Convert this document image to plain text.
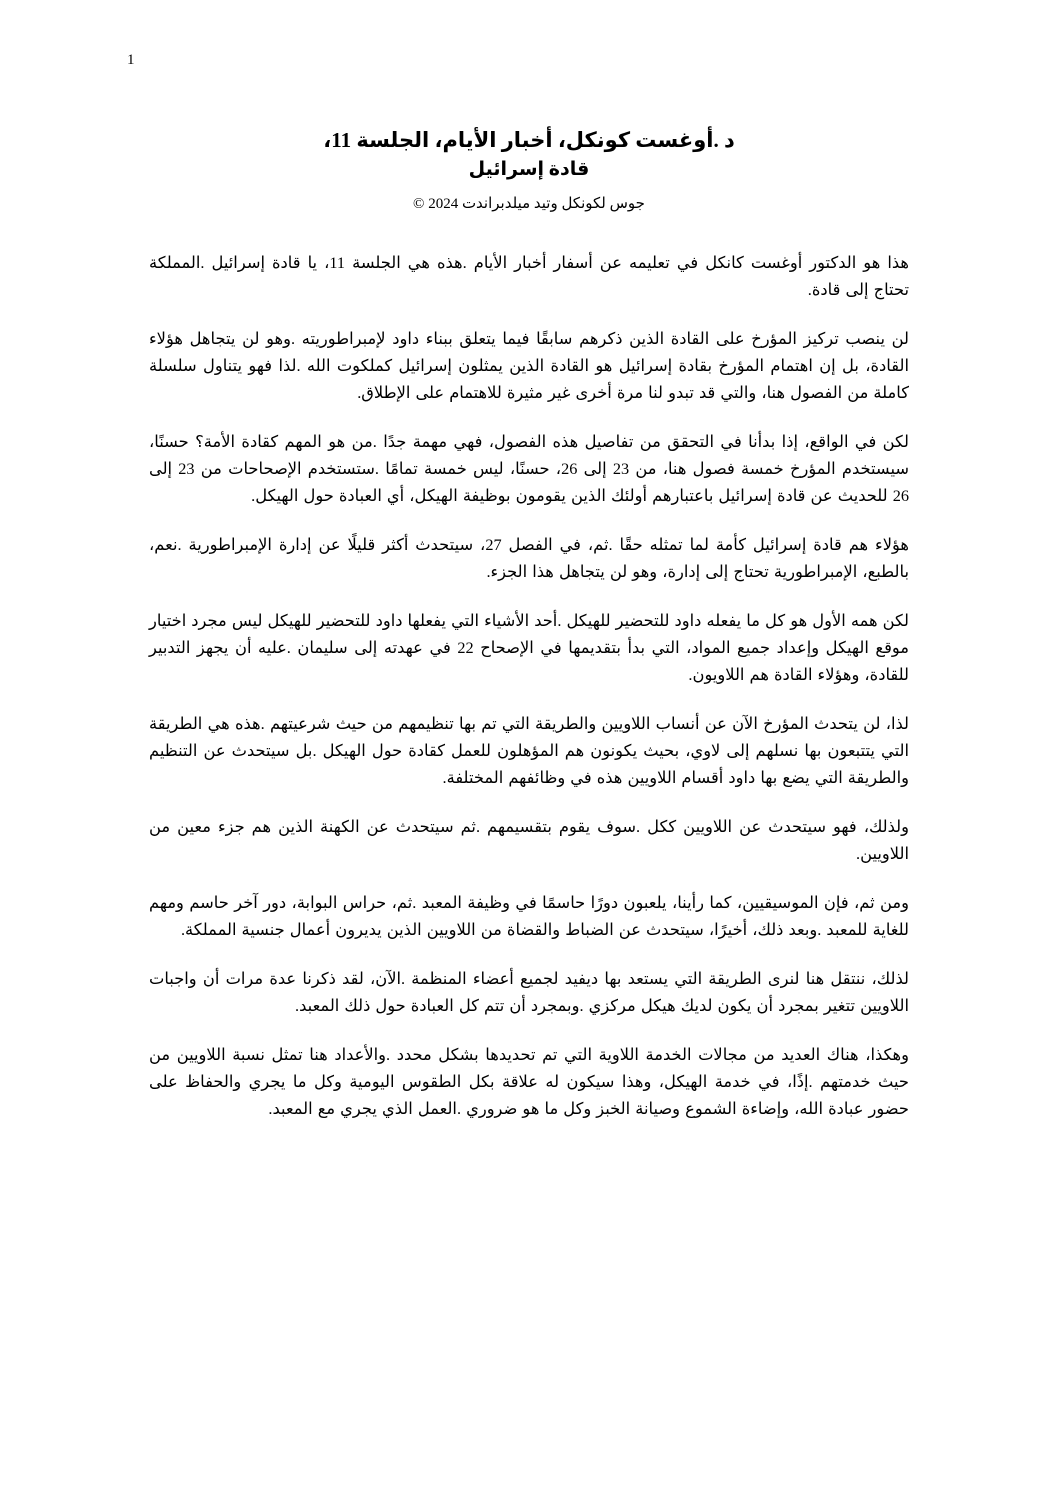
1
د .أوغست كونكل، أخبار الأيام، الجلسة 11،
قادة إسرائيل
جوس لكونكل وتيد ميلدبراندت 2024 ©

هذا هو الدكتور أوغست كانكل في تعليمه عن أسفار أخبار الأيام .هذه هي الجلسة 11، يا قادة إسرائيل .المملكة تحتاج إلى قادة.

لن ينصب تركيز المؤرخ على القادة الذين ذكرهم سابقًا فيما يتعلق ببناء داود لإمبراطوريته .وهو لن يتجاهل هؤلاء القادة، بل إن اهتمام المؤرخ بقادة إسرائيل هو القادة الذين يمثلون إسرائيل كملكوت الله .لذا فهو يتناول سلسلة كاملة من الفصول هنا، والتي قد تبدو لنا مرة أخرى غير مثيرة للاهتمام على الإطلاق.

لكن في الواقع، إذا بدأنا في التحقق من تفاصيل هذه الفصول، فهي مهمة جدًا .من هو المهم كقادة الأمة؟ حسنًا، سيستخدم المؤرخ خمسة فصول هنا، من 23 إلى 26، حسنًا، ليس خمسة تمامًا .ستستخدم الإصحاحات من 23 إلى 26 للحديث عن قادة إسرائيل باعتبارهم أولئك الذين يقومون بوظيفة الهيكل، أي العبادة حول الهيكل.

هؤلاء هم قادة إسرائيل كأمة لما تمثله حقًا .ثم، في الفصل 27، سيتحدث أكثر قليلًا عن إدارة الإمبراطورية .نعم، بالطبع، الإمبراطورية تحتاج إلى إدارة، وهو لن يتجاهل هذا الجزء.

لكن همه الأول هو كل ما يفعله داود للتحضير للهيكل .أحد الأشياء التي يفعلها داود للتحضير للهيكل ليس مجرد اختيار موقع الهيكل وإعداد جميع المواد، التي بدأ بتقديمها في الإصحاح 22 في عهدته إلى سليمان .عليه أن يجهز التدبير للقادة، وهؤلاء القادة هم اللاويون.

لذا، لن يتحدث المؤرخ الآن عن أنساب اللاويين والطريقة التي تم بها تنظيمهم من حيث شرعيتهم .هذه هي الطريقة التي يتتبعون بها نسلهم إلى لاوي، بحيث يكونون هم المؤهلون للعمل كقادة حول الهيكل .بل سيتحدث عن التنظيم والطريقة التي يضع بها داود أقسام اللاويين هذه في وظائفهم المختلفة.

ولذلك، فهو سيتحدث عن اللاويين ككل .سوف يقوم بتقسيمهم .ثم سيتحدث عن الكهنة الذين هم جزء معين من اللاويين.

ومن ثم، فإن الموسيقيين، كما رأينا، يلعبون دورًا حاسمًا في وظيفة المعبد .ثم، حراس البوابة، دور آخر حاسم ومهم للغاية للمعبد .وبعد ذلك، أخيرًا، سيتحدث عن الضباط والقضاة من اللاويين الذين يديرون أعمال جنسية المملكة.

لذلك، ننتقل هنا لنرى الطريقة التي يستعد بها ديفيد لجميع أعضاء المنظمة .الآن، لقد ذكرنا عدة مرات أن واجبات اللاويين تتغير بمجرد أن يكون لديك هيكل مركزي .وبمجرد أن تتم كل العبادة حول ذلك المعبد.

وهكذا، هناك العديد من مجالات الخدمة اللاوية التي تم تحديدها بشكل محدد .والأعداد هنا تمثل نسبة اللاويين من حيث خدمتهم .إذًا، في خدمة الهيكل، وهذا سيكون له علاقة بكل الطقوس اليومية وكل ما يجري والحفاظ على حضور عبادة الله، وإضاءة الشموع وصيانة الخبز وكل ما هو ضروري .العمل الذي يجري مع المعبد.
